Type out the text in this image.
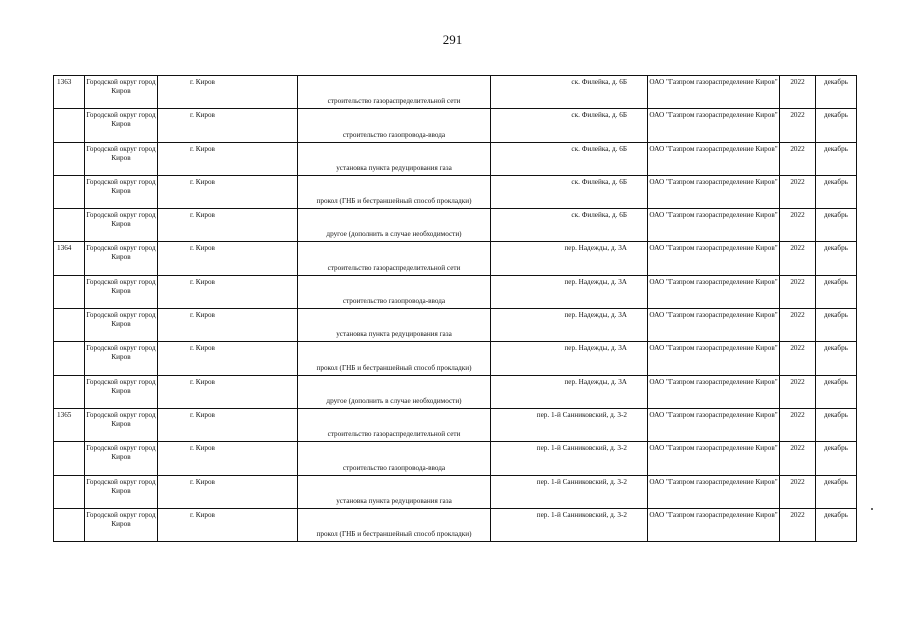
291
1363	Городской округ город Киров	г. Киров	строительство газораспределительной сети	ск. Филейка, д. 6Б	ОАО "Газпром газораспределение Киров"	2022	декабрь

	Городской округ город Киров	г. Киров	строительство газопровода-ввода	ск. Филейка, д. 6Б	ОАО "Газпром газораспределение Киров"	2022	декабрь

	Городской округ город Киров	г. Киров	установка пункта редуцирования газа	ск. Филейка, д. 6Б	ОАО "Газпром газораспределение Киров"	2022	декабрь

	Городской округ город Киров	г. Киров	прокол (ГНБ и бестраншейный способ прокладки)	ск. Филейка, д. 6Б	ОАО "Газпром газораспределение Киров"	2022	декабрь

	Городской округ город Киров	г. Киров	другое (дополнить в случае необходимости)	ск. Филейка, д. 6Б	ОАО "Газпром газораспределение Киров"	2022	декабрь

1364	Городской округ город Киров	г. Киров	строительство газораспределительной сети	пер. Надежды, д. 3А	ОАО "Газпром газораспределение Киров"	2022	декабрь

	Городской округ город Киров	г. Киров	строительство газопровода-ввода	пер. Надежды, д. 3А	ОАО "Газпром газораспределение Киров"	2022	декабрь

	Городской округ город Киров	г. Киров	установка пункта редуцирования газа	пер. Надежды, д. 3А	ОАО "Газпром газораспределение Киров"	2022	декабрь

	Городской округ город Киров	г. Киров	прокол (ГНБ и бестраншейный способ прокладки)	пер. Надежды, д. 3А	ОАО "Газпром газораспределение Киров"	2022	декабрь

	Городской округ город Киров	г. Киров	другое (дополнить в случае необходимости)	пер. Надежды, д. 3А	ОАО "Газпром газораспределение Киров"	2022	декабрь

1365	Городской округ город Киров	г. Киров	строительство газораспределительной сети	пер. 1-й Санниковский, д. 3-2	ОАО "Газпром газораспределение Киров"	2022	декабрь

	Городской округ город Киров	г. Киров	строительство газопровода-ввода	пер. 1-й Санниковский, д. 3-2	ОАО "Газпром газораспределение Киров"	2022	декабрь

	Городской округ город Киров	г. Киров	установка пункта редуцирования газа	пер. 1-й Санниковский, д. 3-2	ОАО "Газпром газораспределение Киров"	2022	декабрь

	Городской округ город Киров	г. Киров	прокол (ГНБ и бестраншейный способ прокладки)	пер. 1-й Санниковский, д. 3-2	ОАО "Газпром газораспределение Киров"	2022	декабрь
